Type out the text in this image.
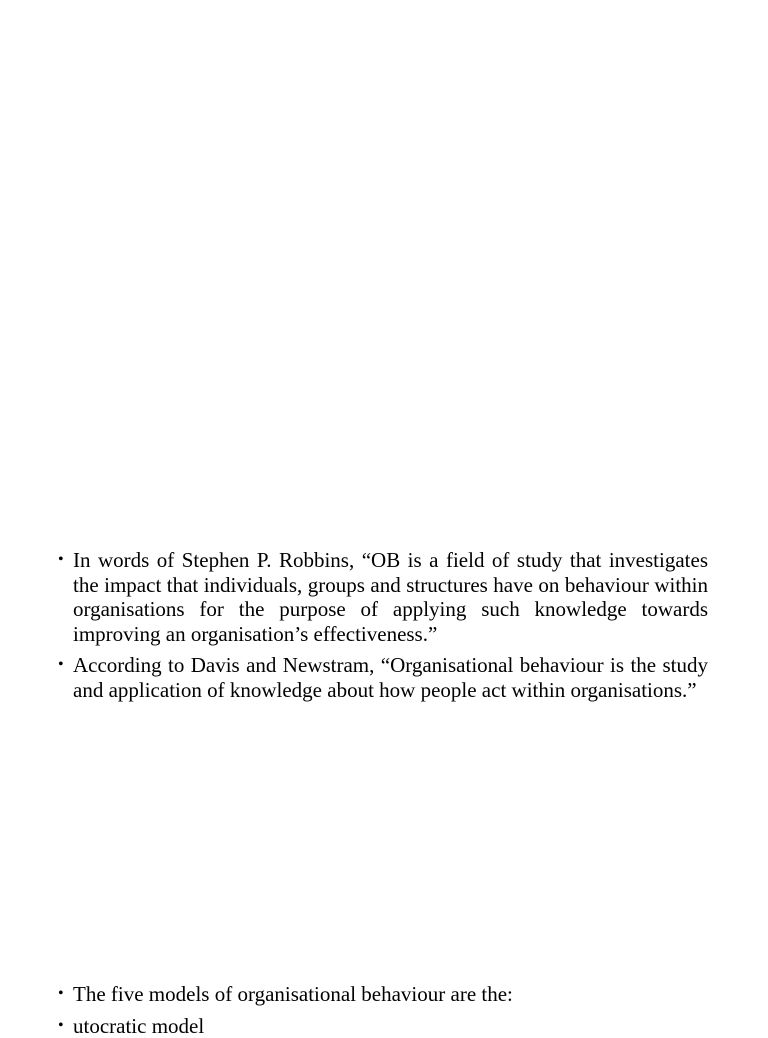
• In words of Stephen P. Robbins, “OB is a field of study that investigates the impact that individuals, groups and structures have on behaviour within organisations for the purpose of applying such knowledge towards improving an organisation’s effectiveness.”
• According to Davis and Newstram, “Organisational behaviour is the study and application of knowledge about how people act within organisations.”
• The five models of organisational behaviour are the:
• utocratic model
